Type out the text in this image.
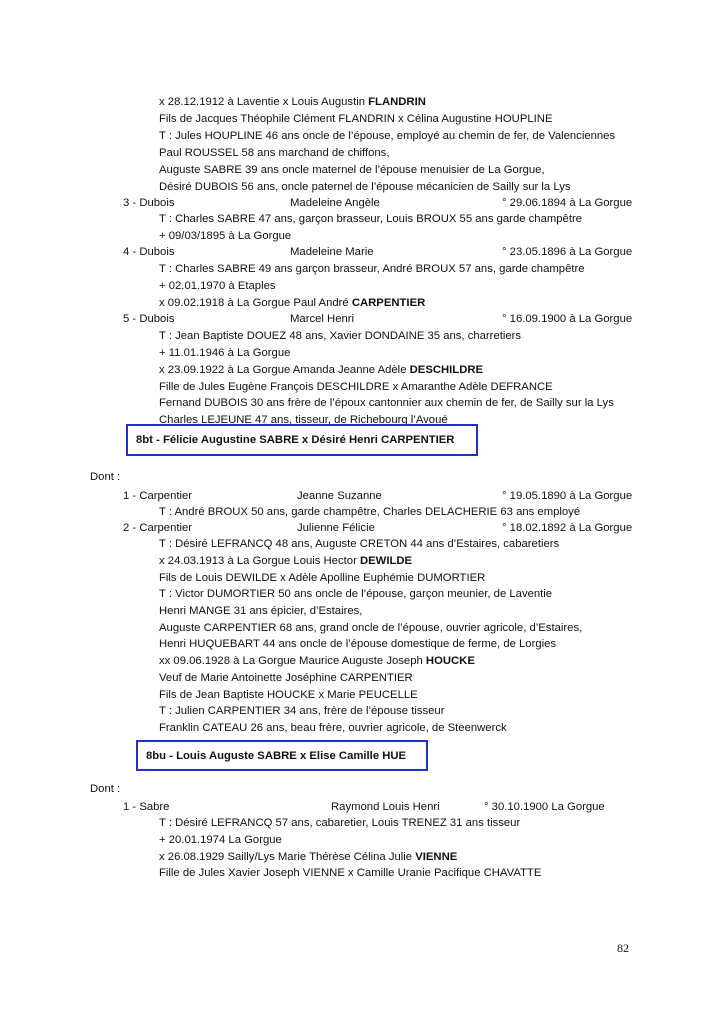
x 28.12.1912 à Laventie x Louis Augustin FLANDRIN
Fils de Jacques Théophile Clément FLANDRIN x Célina Augustine HOUPLINE
T : Jules HOUPLINE 46 ans oncle de l’épouse, employé au chemin de fer, de Valenciennes
Paul ROUSSEL 58 ans marchand de chiffons,
Auguste SABRE 39 ans oncle maternel de l’épouse menuisier de La Gorgue,
Désiré DUBOIS 56 ans, oncle paternel de l’épouse mécanicien de Sailly sur la Lys
3 - Dubois	Madeleine Angèle	° 29.06.1894 à La Gorgue
T : Charles SABRE 47 ans, garçon brasseur, Louis BROUX 55 ans garde champêtre
+ 09/03/1895 à La Gorgue
4 - Dubois	Madeleine Marie	° 23.05.1896 à La Gorgue
T : Charles SABRE 49 ans garçon brasseur, André BROUX 57 ans, garde champêtre
+ 02.01.1970 à Etaples
x 09.02.1918 à La Gorgue Paul André CARPENTIER
5 - Dubois	Marcel Henri	° 16.09.1900 à La Gorgue
T : Jean Baptiste DOUEZ 48 ans, Xavier DONDAINE 35 ans, charretiers
+ 11.01.1946 à La Gorgue
x 23.09.1922 à La Gorgue Amanda Jeanne Adèle DESCHILDRE
Fille de Jules Eugène François DESCHILDRE x Amaranthe Adèle DEFRANCE
Fernand DUBOIS 30 ans frère de l’époux cantonnier aux chemin de fer, de Sailly sur la Lys
Charles LEJEUNE 47 ans, tisseur, de Richebourg l’Avoué
8bt - Félicie Augustine SABRE x Désiré Henri CARPENTIER
Dont :
1 - Carpentier	Jeanne Suzanne	° 19.05.1890 à La Gorgue
T : André BROUX 50 ans, garde champêtre, Charles DELACHERIE 63 ans employé
2 - Carpentier	Julienne Félicie	° 18.02.1892 à La Gorgue
T : Désiré LEFRANCQ 48 ans, Auguste CRETON 44 ans d’Estaires, cabaretiers
x 24.03.1913 à La Gorgue Louis Hector DEWILDE
Fils de Louis DEWILDE x Adèle Apolline Euphémie DUMORTIER
T : Victor DUMORTIER 50 ans oncle de l’épouse, garçon meunier, de Laventie
Henri MANGE 31 ans épicier, d’Estaires,
Auguste CARPENTIER 68 ans, grand oncle de l’épouse, ouvrier agricole, d’Estaires,
Henri HUQUEBART 44 ans oncle de l’épouse domestique de ferme, de Lorgies
xx 09.06.1928 à La Gorgue Maurice Auguste Joseph HOUCKE
Veuf de Marie Antoinette Joséphine CARPENTIER
Fils de Jean Baptiste HOUCKE x Marie PEUCELLE
T : Julien CARPENTIER 34 ans, frère de l’épouse tisseur
Franklin CATEAU 26 ans, beau frère, ouvrier agricole, de Steenwerck
8bu - Louis Auguste SABRE x Elise Camille HUE
Dont :
1 - Sabre	Raymond Louis Henri	° 30.10.1900 La Gorgue
T : Désiré LEFRANCQ 57 ans, cabaretier, Louis TRENEZ 31 ans tisseur
+ 20.01.1974 La Gorgue
x 26.08.1929 Sailly/Lys Marie Thérèse Célina Julie VIENNE
Fille de Jules Xavier Joseph VIENNE x Camille Uranie Pacifique CHAVATTE
82
